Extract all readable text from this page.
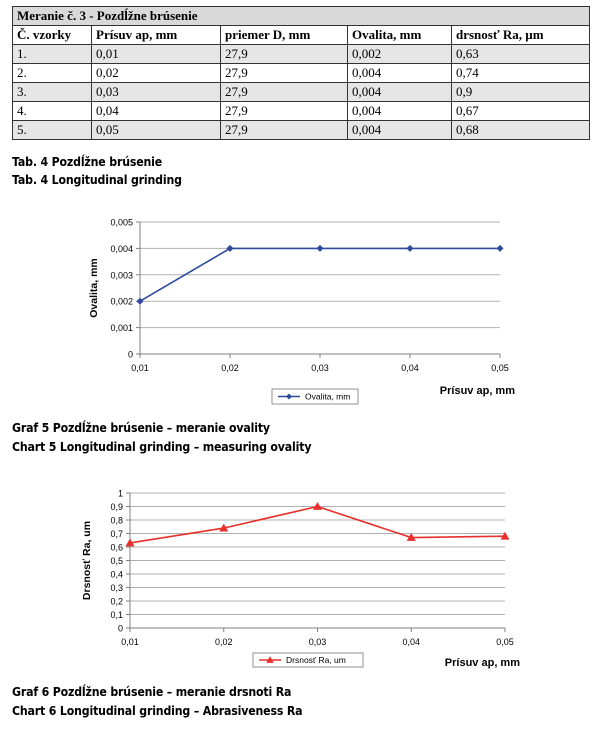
Meranie č. 3 - Pozdĺžne brúsenie				
Č. vzorky	Prísuv ap, mm	priemer D, mm	Ovalita, mm	drsnosť Ra, µm
1.	0,01	27,9	0,002	0,63
2.	0,02	27,9	0,004	0,74
3.	0,03	27,9	0,004	0,9
4.	0,04	27,9	0,004	0,67
5.	0,05	27,9	0,004	0,68
Tab. 4 Pozdĺžne brúsenie
Tab. 4 Longitudinal grinding
0
0,001
0,002
0,003
0,004
0,005
0,01	0,02	0,03	0,04	0,05
Ovalita, mm
Ovalita, mm	Prísuv ap, mm
Graf 5 Pozdĺžne brúsenie – meranie ovality
Chart 5 Longitudinal grinding – measuring ovality
0
0,1
0,2
0,3
0,4
0,5
0,6
0,7
0,8
0,9
1
0,01	0,02	0,03	0,04	0,05
Drsnosť Ra, um
Drsnosť Ra, um	Prísuv ap, mm
Graf 6 Pozdĺžne brúsenie – meranie drsnoti Ra
Chart 6 Longitudinal grinding – Abrasiveness Ra
